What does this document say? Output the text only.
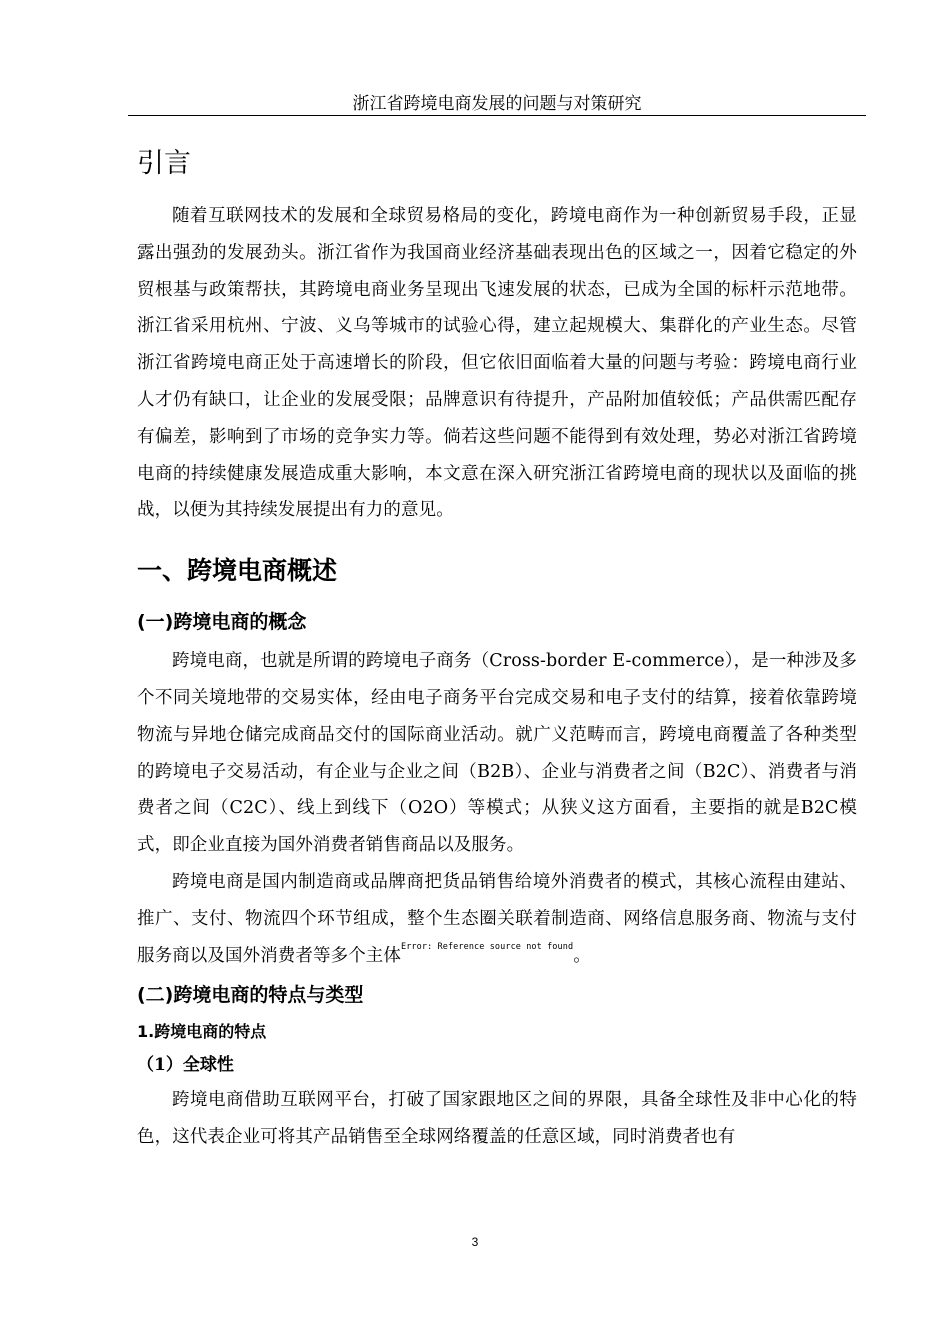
浙江省跨境电商发展的问题与对策研究
引言

随着互联网技术的发展和全球贸易格局的变化，跨境电商作为一种创新贸易手段，正显露出强劲的发展劲头。浙江省作为我国商业经济基础表现出色的区域之一，因着它稳定的外贸根基与政策帮扶，其跨境电商业务呈现出飞速发展的状态，已成为全国的标杆示范地带。浙江省采用杭州、宁波、义乌等城市的试验心得，建立起规模大、集群化的产业生态。尽管浙江省跨境电商正处于高速增长的阶段，但它依旧面临着大量的问题与考验：跨境电商行业人才仍有缺口，让企业的发展受限；品牌意识有待提升，产品附加值较低；产品供需匹配存有偏差，影响到了市场的竞争实力等。倘若这些问题不能得到有效处理，势必对浙江省跨境电商的持续健康发展造成重大影响，本文意在深入研究浙江省跨境电商的现状以及面临的挑战，以便为其持续发展提出有力的意见。

一、跨境电商概述
(一)跨境电商的概念

跨境电商，也就是所谓的跨境电子商务（Cross-border E-commerce），是一种涉及多个不同关境地带的交易实体，经由电子商务平台完成交易和电子支付的结算，接着依靠跨境物流与异地仓储完成商品交付的国际商业活动。就广义范畴而言，跨境电商覆盖了各种类型的跨境电子交易活动，有企业与企业之间（B2B）、企业与消费者之间（B2C）、消费者与消费者之间（C2C）、线上到线下（O2O）等模式；从狭义这方面看，主要指的就是B2C模式，即企业直接为国外消费者销售商品以及服务。

跨境电商是国内制造商或品牌商把货品销售给境外消费者的模式，其核心流程由建站、推广、支付、物流四个环节组成，整个生态圈关联着制造商、网络信息服务商、物流与支付服务商以及国外消费者等多个主体$^{Error: Reference source not found}$。

(二)跨境电商的特点与类型
1.跨境电商的特点
（1）全球性

跨境电商借助互联网平台，打破了国家跟地区之间的界限，具备全球性及非中心化的特色，这代表企业可将其产品销售至全球网络覆盖的任意区域，同时消费者也有

3
